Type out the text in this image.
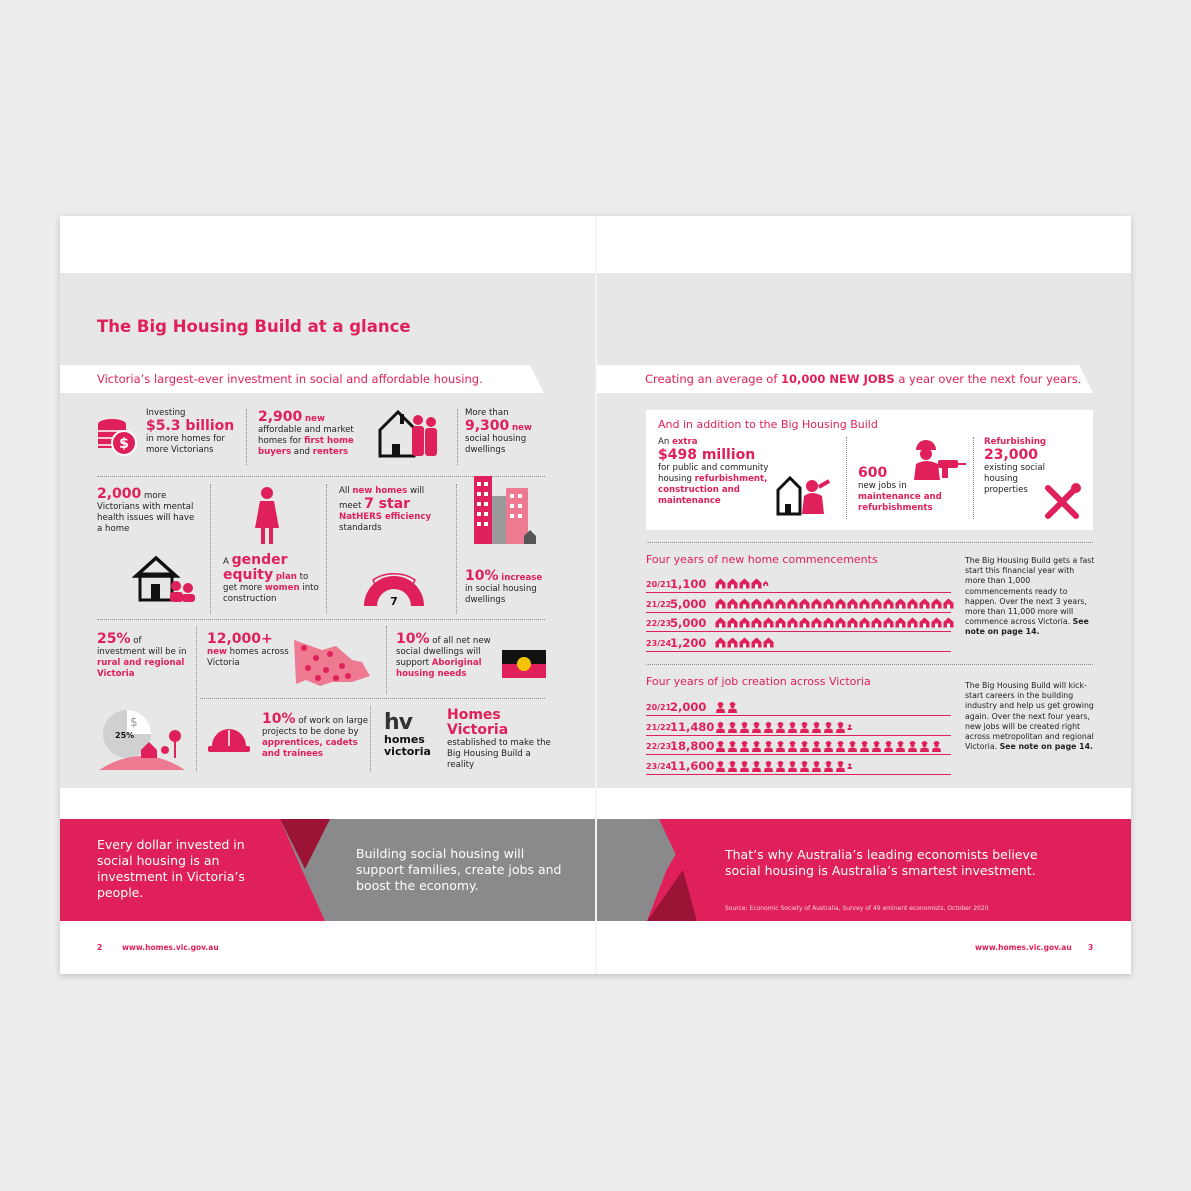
The Big Housing Build at a glance
Victoria’s largest-ever investment in social and affordable housing.
$
Investing
$5.3 billion
in more homes for more Victorians
2,900 new
affordable and market homes for first home buyers and renters
More than
9,300 new
social housing dwellings
2,000 more Victorians with mental health issues will have a home
A gender equity plan to get more women into construction
All new homes will meet 7 star
NatHERS efficiency
standards
★ ★ ★ ★
7
10% increase
in social housing dwellings
25% of investment will be in rural and regional Victoria
25%
$
12,000+
new homes across Victoria
10% of all net new social dwellings will support Aboriginal housing needs
10% of work on large projects to be done by apprentices, cadets and trainees
hv
homes
victoria
Homes Victoria
established to make the Big Housing Build a reality
Every dollar invested in social housing is an investment in Victoria’s people.
Building social housing will support families, create jobs and boost the economy.
2	www.homes.vic.gov.au
Creating an average of 10,000 NEW JOBS a year over the next four years.
And in addition to the Big Housing Build
An extra
$498 million
for public and community housing refurbishment, construction and maintenance
600
new jobs in maintenance and refurbishments
Refurbishing
23,000
existing social housing properties
Four years of new home commencements
20/21
1,100
21/22
5,000
22/23
5,000
23/24
1,200
The Big Housing Build gets a fast start this financial year with more than 1,000 commencements ready to happen. Over the next 3 years, more than 11,000 more will commence across Victoria. See note on page 14.
Four years of job creation across Victoria
20/21
2,000
21/22
11,480
22/23
18,800
23/24
11,600
The Big Housing Build will kick-start careers in the building industry and help us get growing again. Over the next four years, new jobs will be created right across metropolitan and regional Victoria. See note on page 14.
That’s why Australia’s leading economists believe social housing is Australia’s smartest investment.
Source: Economic Society of Australia, Survey of 49 eminent economists, October 2020
www.homes.vic.gov.au 3
